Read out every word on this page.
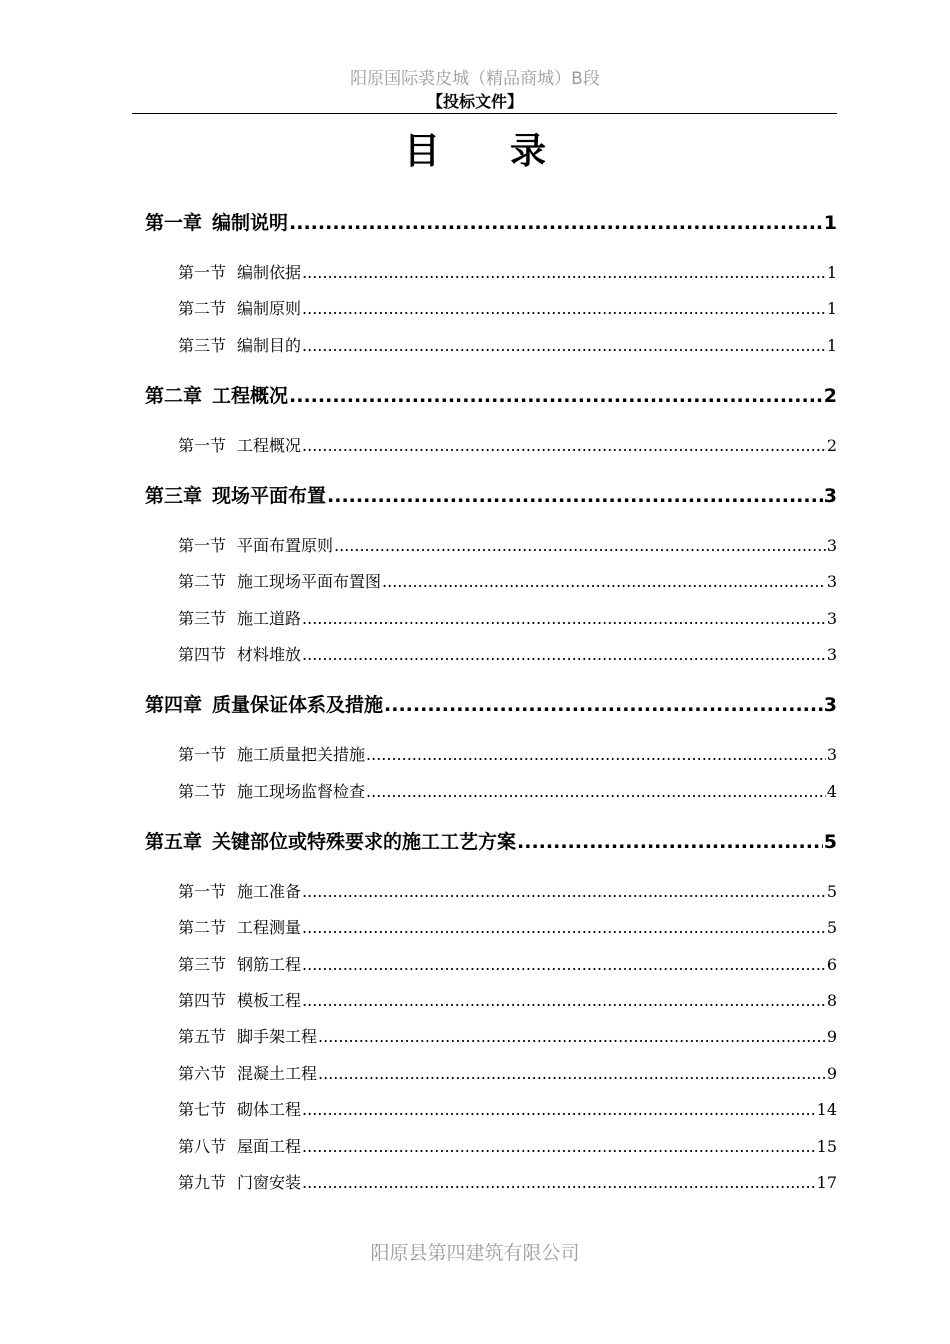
阳原国际裘皮城（精品商城）B段
【投标文件】
目录
第一章 编制说明 .....	1
第一节 编制依据 .....	1
第二节 编制原则 .....	1
第三节 编制目的 .....	1
第二章 工程概况 .....	2
第一节 工程概况 .....	2
第三章 现场平面布置 .....	3
第一节 平面布置原则 .....	3
第二节 施工现场平面布置图 .....	3
第三节 施工道路 .....	3
第四节 材料堆放 .....	3
第四章 质量保证体系及措施 .....	3
第一节 施工质量把关措施 .....	3
第二节 施工现场监督检查 .....	4
第五章 关键部位或特殊要求的施工工艺方案 .....	5
第一节 施工准备 .....	5
第二节 工程测量 .....	5
第三节 钢筋工程 .....	6
第四节 模板工程 .....	8
第五节 脚手架工程 .....	9
第六节 混凝土工程 .....	9
第七节 砌体工程 .....	14
第八节 屋面工程 .....	15
第九节 门窗安装 .....	17
阳原县第四建筑有限公司
